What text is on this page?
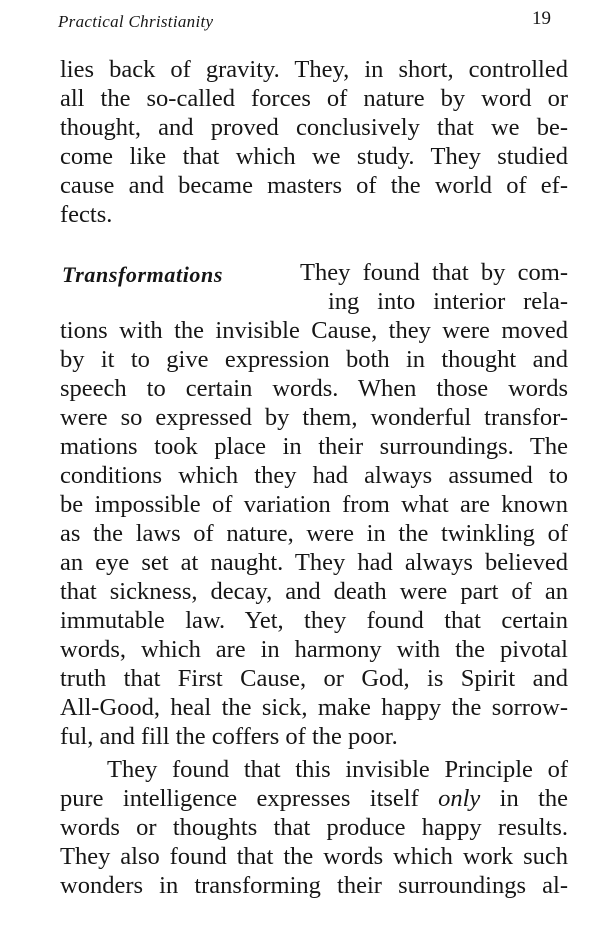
Practical Christianity	19
lies back of gravity. They, in short, controlled
all the so-called forces of nature by word or
thought, and proved conclusively that we be-
come like that which we study. They studied
cause and became masters of the world of ef-
fects.
Transformations	They found that by com-
ing into interior rela-
tions with the invisible Cause, they were moved
by it to give expression both in thought and
speech to certain words. When those words
were so expressed by them, wonderful transfor-
mations took place in their surroundings. The
conditions which they had always assumed to
be impossible of variation from what are known
as the laws of nature, were in the twinkling of
an eye set at naught. They had always believed
that sickness, decay, and death were part of an
immutable law. Yet, they found that certain
words, which are in harmony with the pivotal
truth that First Cause, or God, is Spirit and
All-Good, heal the sick, make happy the sorrow-
ful, and fill the coffers of the poor.
They found that this invisible Principle of
pure intelligence expresses itself only in the
words or thoughts that produce happy results.
They also found that the words which work such
wonders in transforming their surroundings al-
